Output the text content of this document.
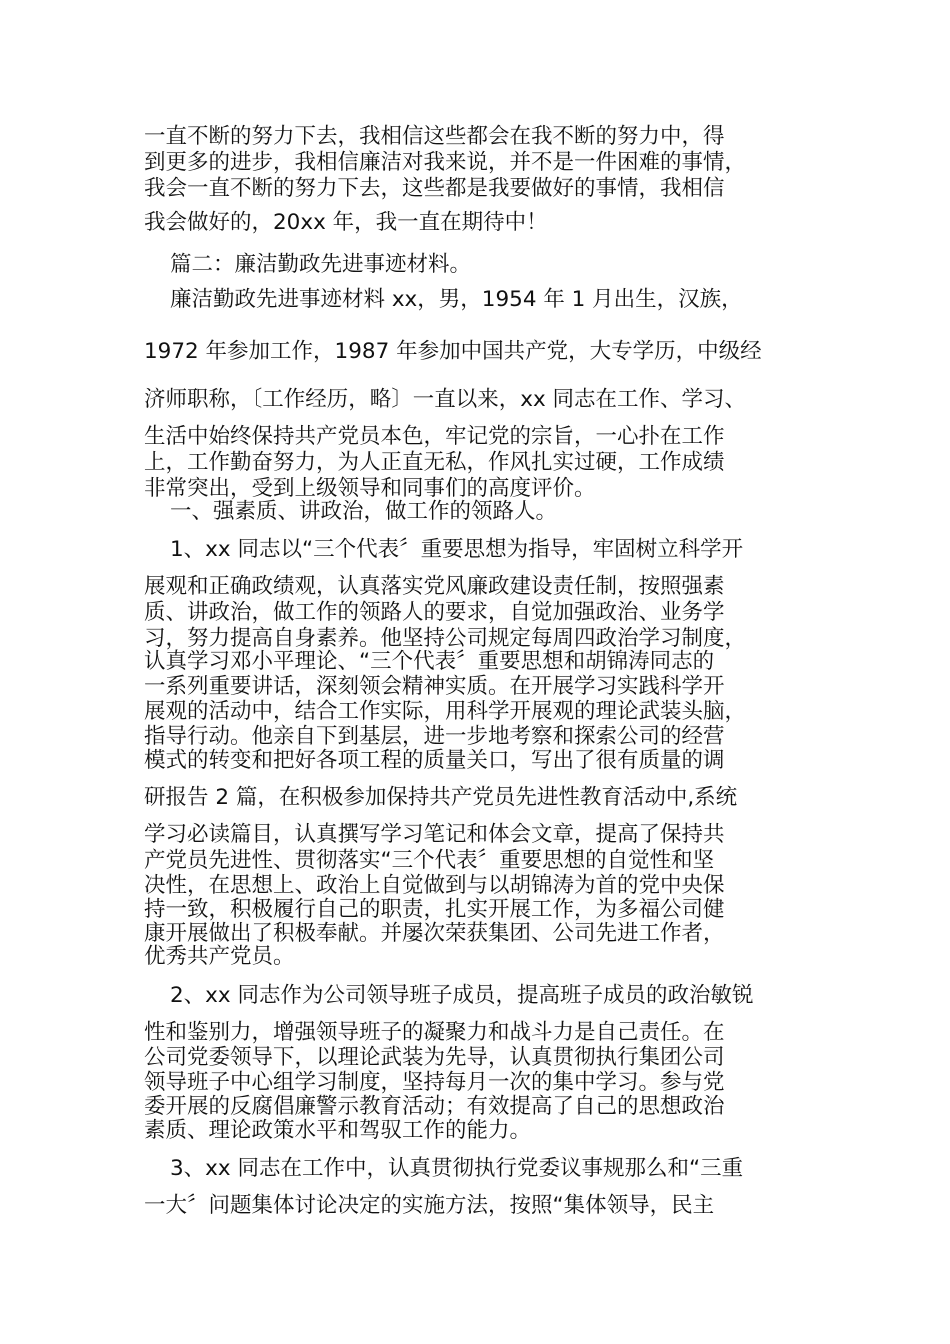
一直不断的努力下去，我相信这些都会在我不断的努力中，得
到更多的进步，我相信廉洁对我来说，并不是一件困难的事情，
我会一直不断的努力下去，这些都是我要做好的事情，我相信
我会做好的，20xx 年，我一直在期待中！
篇二：廉洁勤政先进事迹材料。
廉洁勤政先进事迹材料 xx，男，1954 年 1 月出生，汉族，
1972 年参加工作，1987 年参加中国共产党，大专学历，中级经
济师职称，〔工作经历，略〕一直以来，xx 同志在工作、学习、
生活中始终保持共产党员本色，牢记党的宗旨，一心扑在工作
上，工作勤奋努力，为人正直无私，作风扎实过硬，工作成绩
非常突出，受到上级领导和同事们的高度评价。
一、强素质、讲政治，做工作的领路人。
1、xx 同志以“三个代表〞重要思想为指导，牢固树立科学开
展观和正确政绩观，认真落实党风廉政建设责任制，按照强素
质、讲政治，做工作的领路人的要求，自觉加强政治、业务学
习，努力提高自身素养。他坚持公司规定每周四政治学习制度，
认真学习邓小平理论、“三个代表〞重要思想和胡锦涛同志的
一系列重要讲话，深刻领会精神实质。在开展学习实践科学开
展观的活动中，结合工作实际，用科学开展观的理论武装头脑，
指导行动。他亲自下到基层，进一步地考察和探索公司的经营
模式的转变和把好各项工程的质量关口，写出了很有质量的调
研报告 2 篇，在积极参加保持共产党员先进性教育活动中,系统
学习必读篇目，认真撰写学习笔记和体会文章，提高了保持共
产党员先进性、贯彻落实“三个代表〞重要思想的自觉性和坚
决性，在思想上、政治上自觉做到与以胡锦涛为首的党中央保
持一致，积极履行自己的职责，扎实开展工作，为多福公司健
康开展做出了积极奉献。并屡次荣获集团、公司先进工作者，
优秀共产党员。
2、xx 同志作为公司领导班子成员，提高班子成员的政治敏锐
性和鉴别力，增强领导班子的凝聚力和战斗力是自己责任。在
公司党委领导下，以理论武装为先导，认真贯彻执行集团公司
领导班子中心组学习制度，坚持每月一次的集中学习。参与党
委开展的反腐倡廉警示教育活动；有效提高了自己的思想政治
素质、理论政策水平和驾驭工作的能力。
3、xx 同志在工作中，认真贯彻执行党委议事规那么和“三重
一大〞问题集体讨论决定的实施方法，按照“集体领导，民主
